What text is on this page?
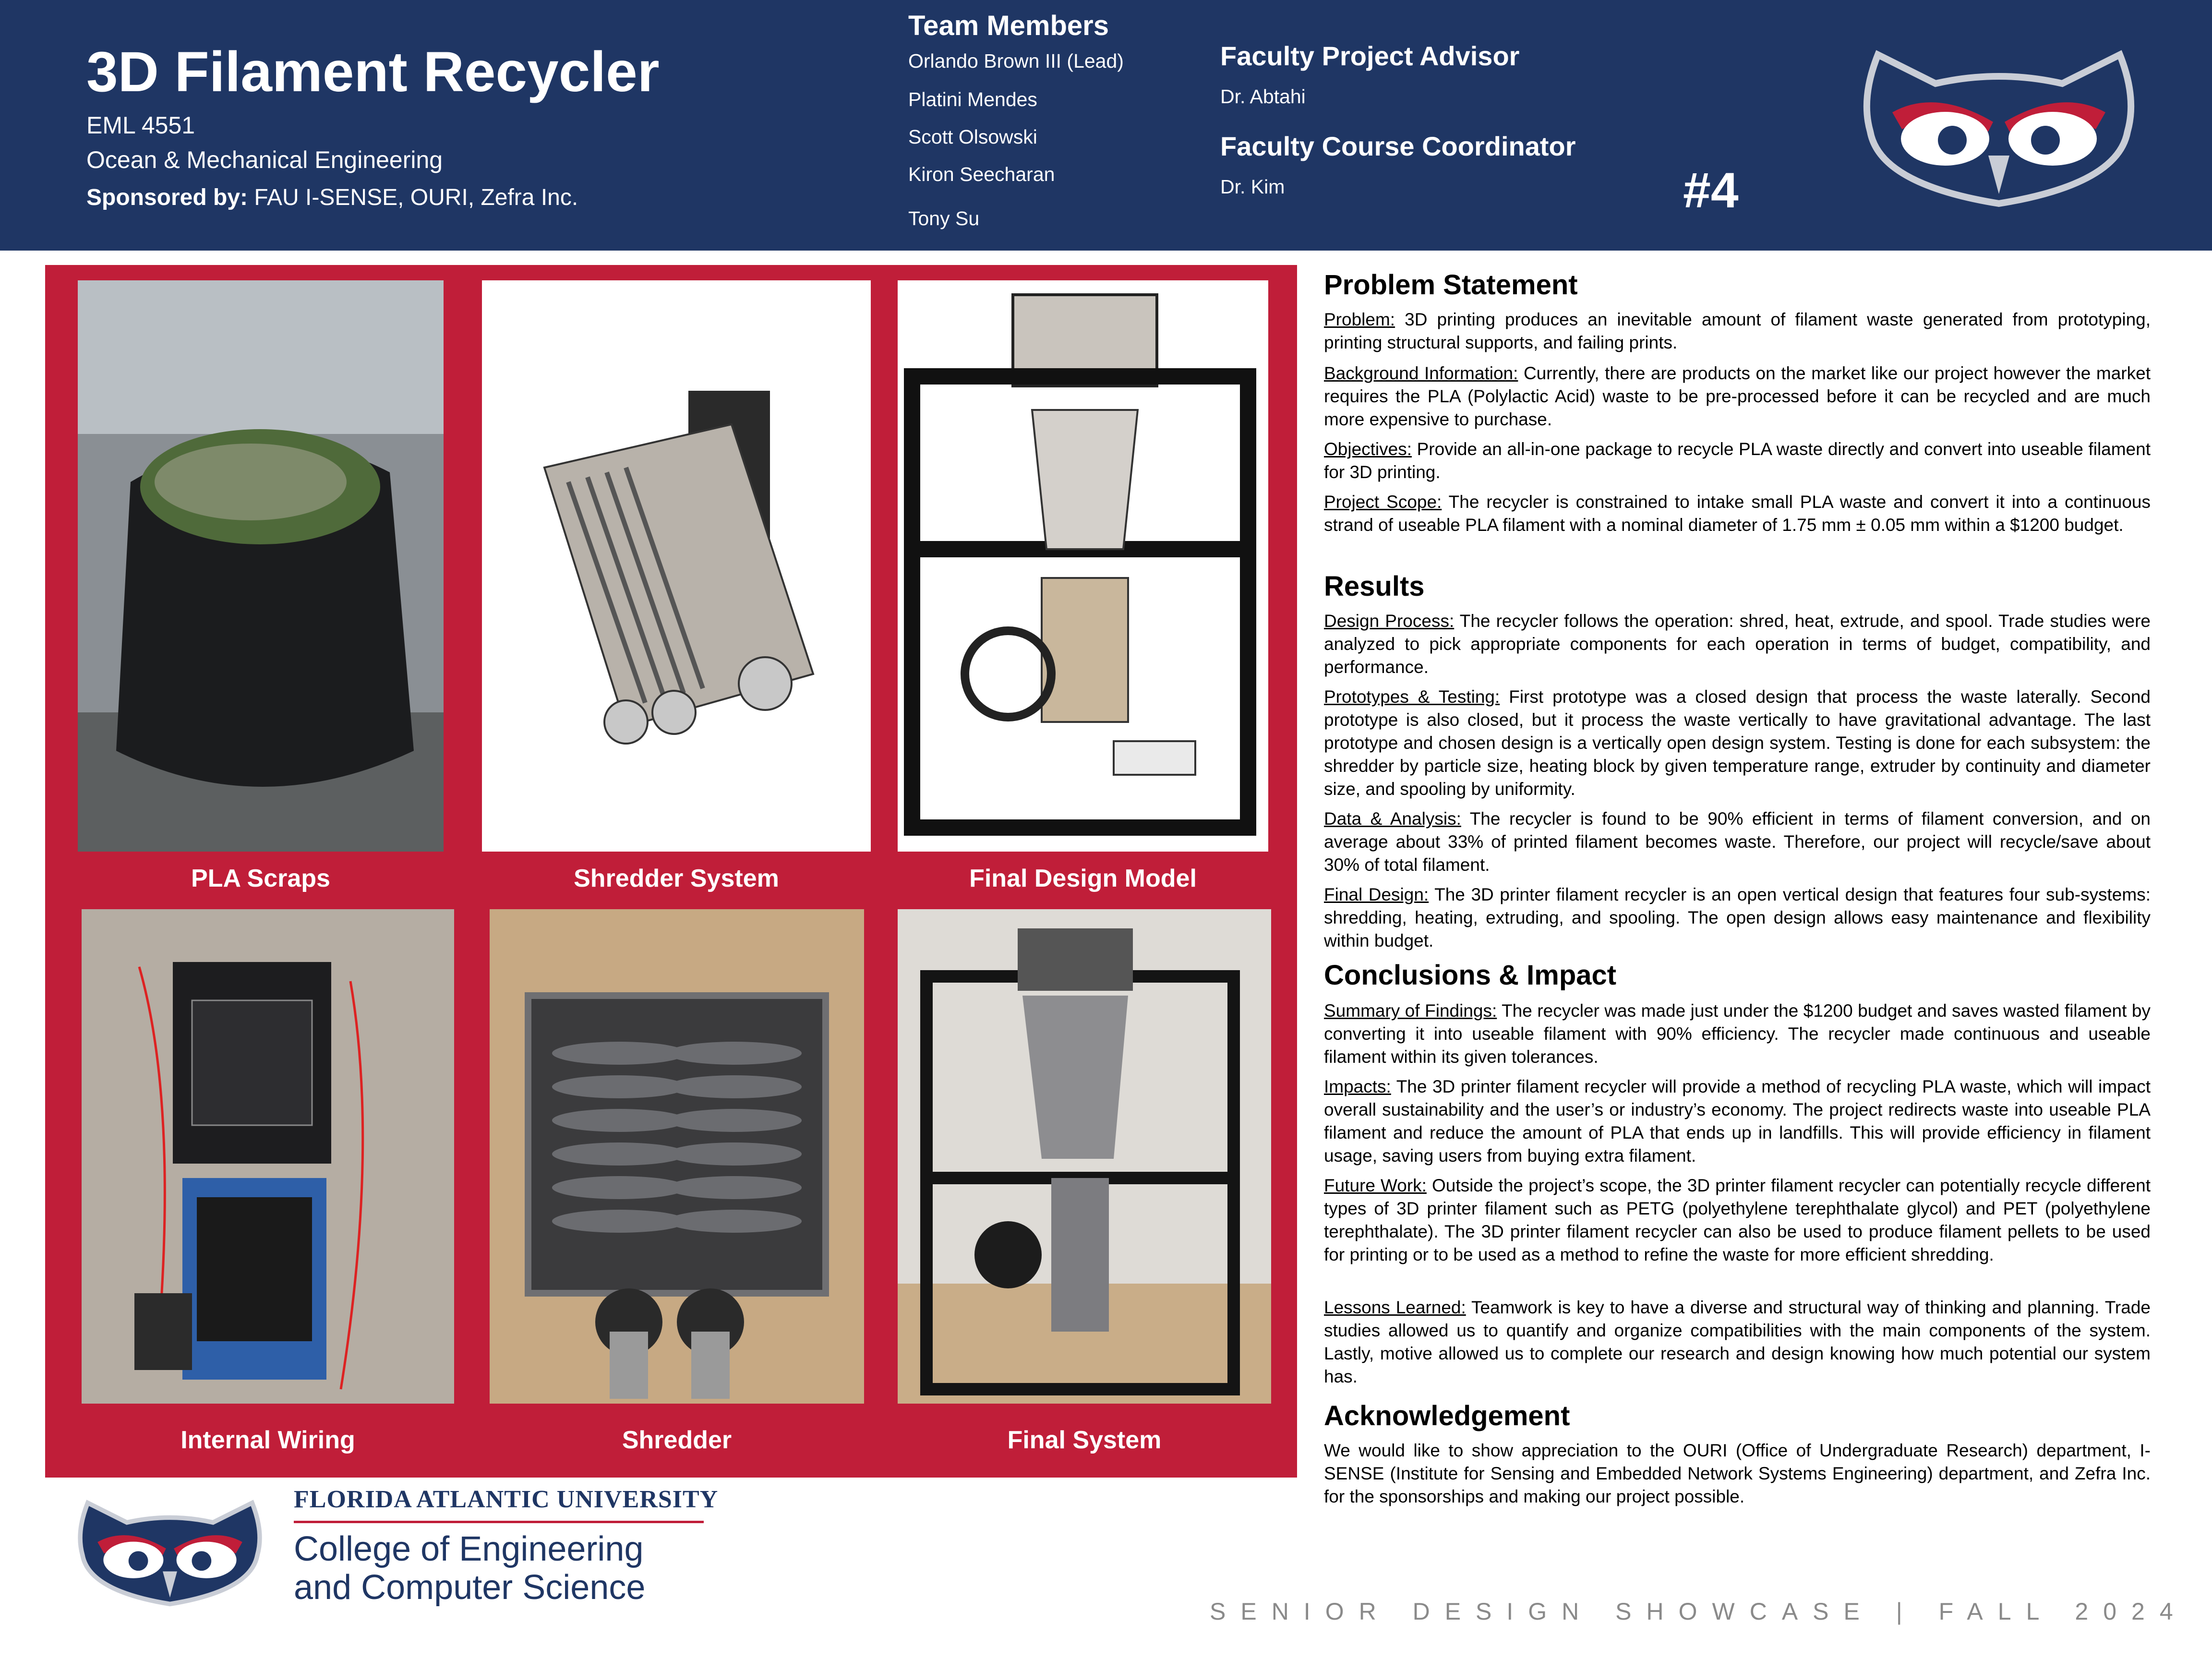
3D Filament Recycler
EML 4551
Ocean & Mechanical Engineering
Sponsored by: FAU I-SENSE, OURI, Zefra Inc.
Team Members
Orlando Brown III (Lead)
Platini Mendes
Scott Olsowski
Kiron Seecharan
Tony Su
Faculty Project Advisor
Dr. Abtahi
Faculty Course Coordinator
Dr. Kim	#4
PLA Scraps	Shredder System	Final Design Model
Internal Wiring	Shredder	Final System
Problem Statement
Problem: 3D printing produces an inevitable amount of filament waste generated from prototyping, printing structural supports, and failing prints.
Background Information: Currently, there are products on the market like our project however the market requires the PLA (Polylactic Acid) waste to be pre-processed before it can be recycled and are much more expensive to purchase.
Objectives: Provide an all-in-one package to recycle PLA waste directly and convert into useable filament for 3D printing.
Project Scope: The recycler is constrained to intake small PLA waste and convert it into a continuous strand of useable PLA filament with a nominal diameter of 1.75 mm ± 0.05 mm within a $1200 budget.
Results
Design Process: The recycler follows the operation: shred, heat, extrude, and spool. Trade studies were analyzed to pick appropriate components for each operation in terms of budget, compatibility, and performance.
Prototypes & Testing: First prototype was a closed design that process the waste laterally. Second prototype is also closed, but it process the waste vertically to have gravitational advantage. The last prototype and chosen design is a vertically open design system. Testing is done for each subsystem: the shredder by particle size, heating block by given temperature range, extruder by continuity and diameter size, and spooling by uniformity.
Data & Analysis: The recycler is found to be 90% efficient in terms of filament conversion, and on average about 33% of printed filament becomes waste. Therefore, our project will recycle/save about 30% of total filament.
Final Design: The 3D printer filament recycler is an open vertical design that features four sub-systems: shredding, heating, extruding, and spooling. The open design allows easy maintenance and flexibility within budget.
Conclusions & Impact
Summary of Findings: The recycler was made just under the $1200 budget and saves wasted filament by converting it into useable filament with 90% efficiency. The recycler made continuous and useable filament within its given tolerances.
Impacts: The 3D printer filament recycler will provide a method of recycling PLA waste, which will impact overall sustainability and the user’s or industry’s economy. The project redirects waste into useable PLA filament and reduce the amount of PLA that ends up in landfills. This will provide efficiency in filament usage, saving users from buying extra filament.
Future Work: Outside the project’s scope, the 3D printer filament recycler can potentially recycle different types of 3D printer filament such as PETG (polyethylene terephthalate glycol) and PET (polyethylene terephthalate). The 3D printer filament recycler can also be used to produce filament pellets to be used for printing or to be used as a method to refine the waste for more efficient shredding.
Lessons Learned: Teamwork is key to have a diverse and structural way of thinking and planning. Trade studies allowed us to quantify and organize compatibilities with the main components of the system. Lastly, motive allowed us to complete our research and design knowing how much potential our system has.
Acknowledgement
We would like to show appreciation to the OURI (Office of Undergraduate Research) department, I-SENSE (Institute for Sensing and Embedded Network Systems Engineering) department, and Zefra Inc. for the sponsorships and making our project possible.
FLORIDA ATLANTIC UNIVERSITY
College of Engineering
and Computer Science
SENIOR DESIGN SHOWCASE | FALL 2024
